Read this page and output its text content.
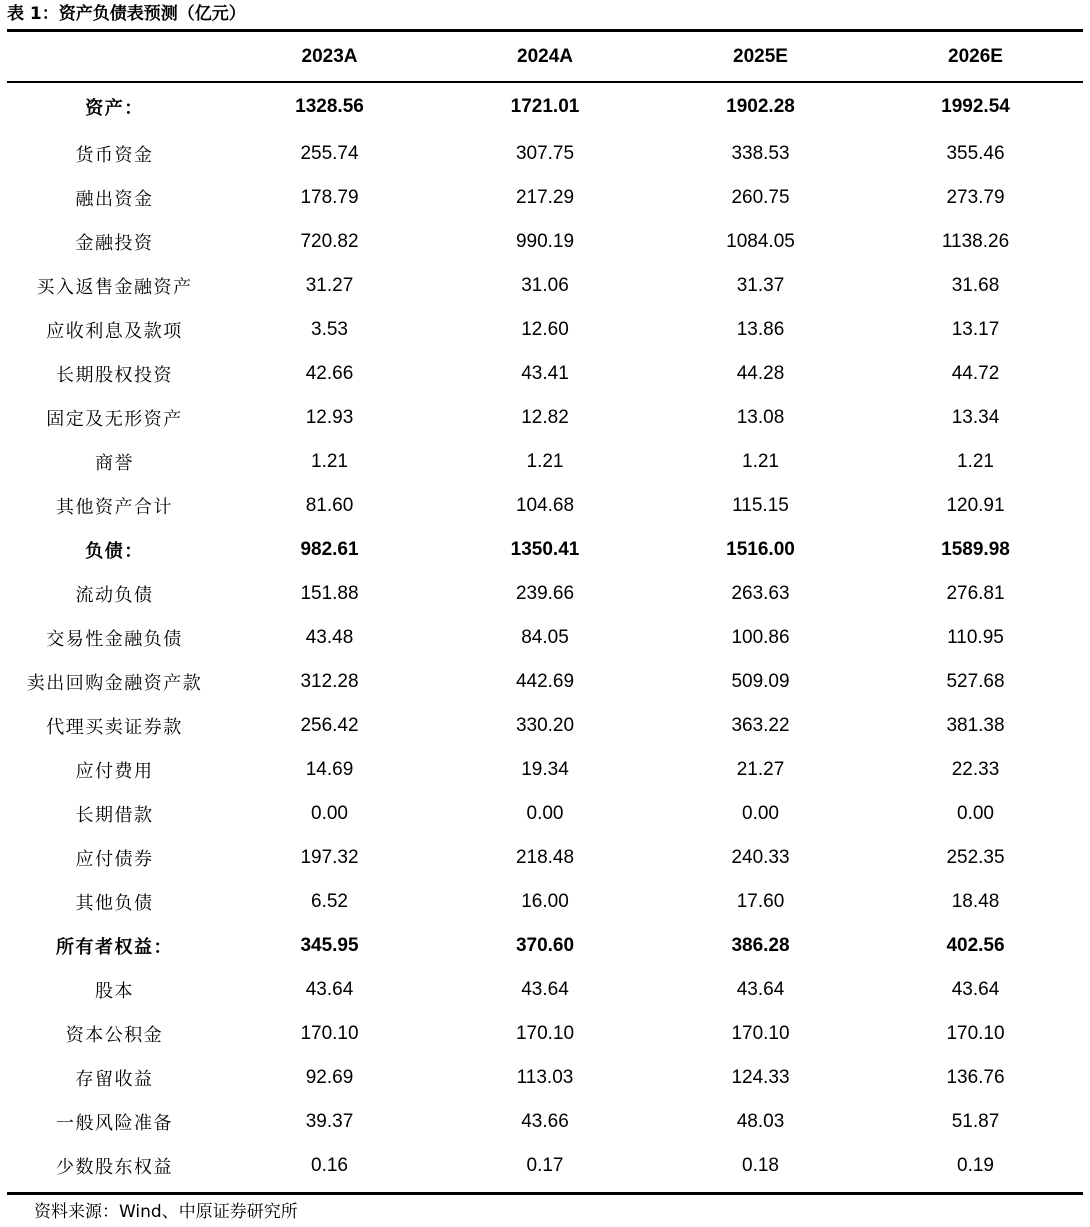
表 1：资产负债表预测（亿元）
	2023A	2024A	2025E	2026E
资产：	1328.56	1721.01	1902.28	1992.54
货币资金	255.74	307.75	338.53	355.46
融出资金	178.79	217.29	260.75	273.79
金融投资	720.82	990.19	1084.05	1138.26
买入返售金融资产	31.27	31.06	31.37	31.68
应收利息及款项	3.53	12.60	13.86	13.17
长期股权投资	42.66	43.41	44.28	44.72
固定及无形资产	12.93	12.82	13.08	13.34
商誉	1.21	1.21	1.21	1.21
其他资产合计	81.60	104.68	115.15	120.91
负债：	982.61	1350.41	1516.00	1589.98
流动负债	151.88	239.66	263.63	276.81
交易性金融负债	43.48	84.05	100.86	110.95
卖出回购金融资产款	312.28	442.69	509.09	527.68
代理买卖证券款	256.42	330.20	363.22	381.38
应付费用	14.69	19.34	21.27	22.33
长期借款	0.00	0.00	0.00	0.00
应付债券	197.32	218.48	240.33	252.35
其他负债	6.52	16.00	17.60	18.48
所有者权益：	345.95	370.60	386.28	402.56
股本	43.64	43.64	43.64	43.64
资本公积金	170.10	170.10	170.10	170.10
存留收益	92.69	113.03	124.33	136.76
一般风险准备	39.37	43.66	48.03	51.87
少数股东权益	0.16	0.17	0.18	0.19
资料来源：Wind、中原证券研究所
